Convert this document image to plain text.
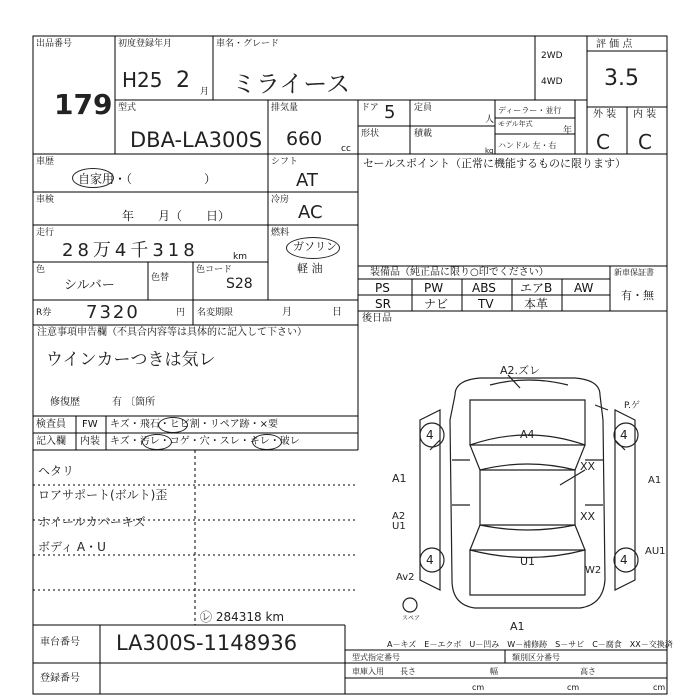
出品番号
179
初度登録年月
H25 2 月
車名・グレード
ミライース
2WD
4WD
評 価 点
3.5
型式
DBA-LA300S
排気量
660 cc
ドア 5 定員
人
形状	積載
kg
ディーラー・並行
モデル年式
年
ハンドル 左・右
外 装 内 装
C C
車歴
自家用・（　　　　　　）
シフト
AT
セールスポイント（正常に機能するものに限ります）
車検
年　　月（　　日）
冷房
AC
走行
28万4千318	km
燃料
ガソリン
軽 油
色
シルバー	色替
色コード
S28
R券 7320	円 名変期限	月　　　　日
装備品（純正品に限り○印でください）	新車保証書
有・無
PS	PW ABS エアB AW
SR	ナビ TV	本革
後日品
注意事項申告欄（不具合内容等は具体的に記入して下さい）
ウインカーつきは気レ
修復歴	有 〔箇所
検査員
記入欄
FW
内装
キズ・飛石・ヒビ割・リペア跡・×要
キズ・汚レ・コゲ・穴・スレ・キレ・破レ
ヘタリ
ロアサポート(ボルト)歪
ホイールカバーキズ
ボディ A・U
㋹ 284318 km
車台番号 LA300S-1148936
登録番号
A－キズ　E－エクボ　U－凹み　W－補修跡　S－サビ　C－腐食　XX－交換済
型式指定番号	類別区分番号
車庫入用 長さ
cm
幅
cm
高さ
cm
A2.ズレ
4	4
4	4
A4
A1
A2
U1
Av2
XX
XX
W2
AU1
A1
U1
A1
P.ゲ
スペア
